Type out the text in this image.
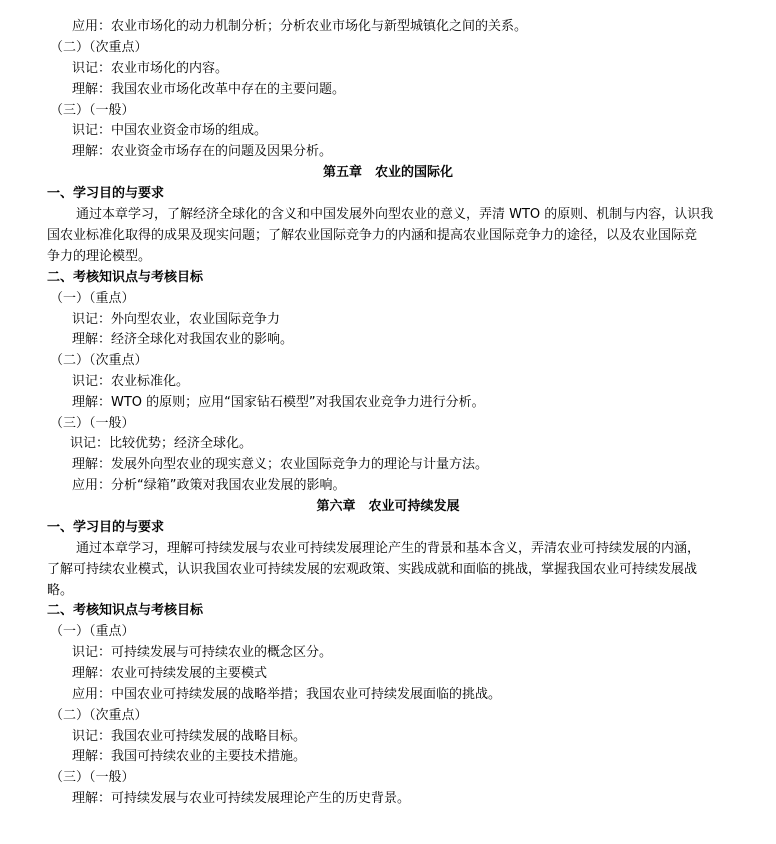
应用：农业市场化的动力机制分析；分析农业市场化与新型城镇化之间的关系。
（二）（次重点）
识记：农业市场化的内容。
理解：我国农业市场化改革中存在的主要问题。
（三）（一般）
识记：中国农业资金市场的组成。
理解：农业资金市场存在的问题及因果分析。
第五章　农业的国际化
一、学习目的与要求
通过本章学习，了解经济全球化的含义和中国发展外向型农业的意义，弄清 WTO 的原则、机制与内容，认识我
国农业标准化取得的成果及现实问题；了解农业国际竞争力的内涵和提高农业国际竞争力的途径，以及农业国际竞
争力的理论模型。
二、考核知识点与考核目标
（一）（重点）
识记：外向型农业，农业国际竞争力
理解：经济全球化对我国农业的影响。
（二）（次重点）
识记：农业标准化。
理解：WTO 的原则；应用“国家钻石模型”对我国农业竞争力进行分析。
（三）（一般）
识记：比较优势；经济全球化。
理解：发展外向型农业的现实意义；农业国际竞争力的理论与计量方法。
应用：分析“绿箱”政策对我国农业发展的影响。
第六章　农业可持续发展
一、学习目的与要求
通过本章学习，理解可持续发展与农业可持续发展理论产生的背景和基本含义，弄清农业可持续发展的内涵，
了解可持续农业模式，认识我国农业可持续发展的宏观政策、实践成就和面临的挑战，掌握我国农业可持续发展战
略。
二、考核知识点与考核目标
（一）（重点）
识记：可持续发展与可持续农业的概念区分。
理解：农业可持续发展的主要模式
应用：中国农业可持续发展的战略举措；我国农业可持续发展面临的挑战。
（二）（次重点）
识记：我国农业可持续发展的战略目标。
理解：我国可持续农业的主要技术措施。
（三）（一般）
理解：可持续发展与农业可持续发展理论产生的历史背景。
